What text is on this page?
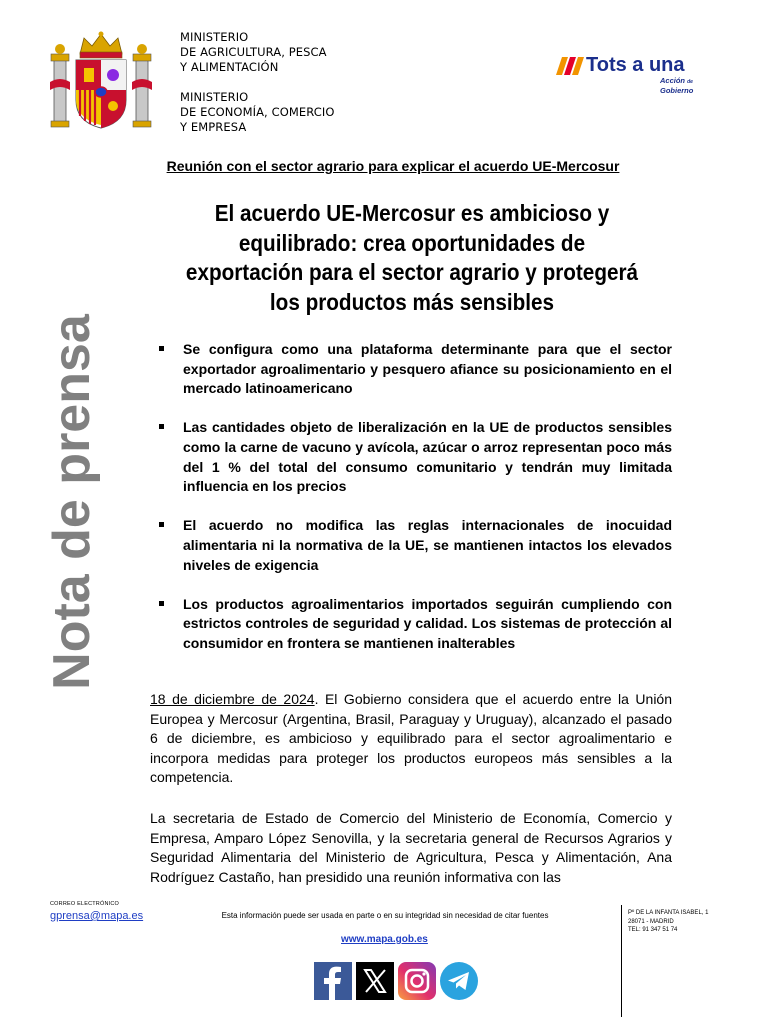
MINISTERIO
DE AGRICULTURA, PESCA
Y ALIMENTACIÓN
MINISTERIO
DE ECONOMÍA, COMERCIO
Y EMPRESA
Tots a una
Acción de
Gobierno
Nota de prensa
Reunión con el sector agrario para explicar el acuerdo UE-Mercosur
El acuerdo UE-Mercosur es ambicioso y
equilibrado: crea oportunidades de
exportación para el sector agrario y protegerá
los productos más sensibles
Se configura como una plataforma determinante para que el sector exportador agroalimentario y pesquero afiance su posicionamiento en el mercado latinoamericano
Las cantidades objeto de liberalización en la UE de productos sensibles como la carne de vacuno y avícola, azúcar o arroz representan poco más del 1 % del total del consumo comunitario y tendrán muy limitada influencia en los precios
El acuerdo no modifica las reglas internacionales de inocuidad alimentaria ni la normativa de la UE, se mantienen intactos los elevados niveles de exigencia
Los productos agroalimentarios importados seguirán cumpliendo con estrictos controles de seguridad y calidad. Los sistemas de protección al consumidor en frontera se mantienen inalterables
18 de diciembre de 2024. El Gobierno considera que el acuerdo entre la Unión Europea y Mercosur (Argentina, Brasil, Paraguay y Uruguay), alcanzado el pasado 6 de diciembre, es ambicioso y equilibrado para el sector agroalimentario e incorpora medidas para proteger los productos europeos más sensibles a la competencia.
La secretaria de Estado de Comercio del Ministerio de Economía, Comercio y Empresa, Amparo López Senovilla, y la secretaria general de Recursos Agrarios y Seguridad Alimentaria del Ministerio de Agricultura, Pesca y Alimentación, Ana Rodríguez Castaño, han presidido una reunión informativa con las
CORREO ELECTRÓNICO
gprensa@mapa.es	Esta información puede ser usada en parte o en su integridad sin necesidad de citar fuentes
www.mapa.gob.es
Pº DE LA INFANTA ISABEL, 1
28071 - MADRID
TEL: 91 347 51 74
